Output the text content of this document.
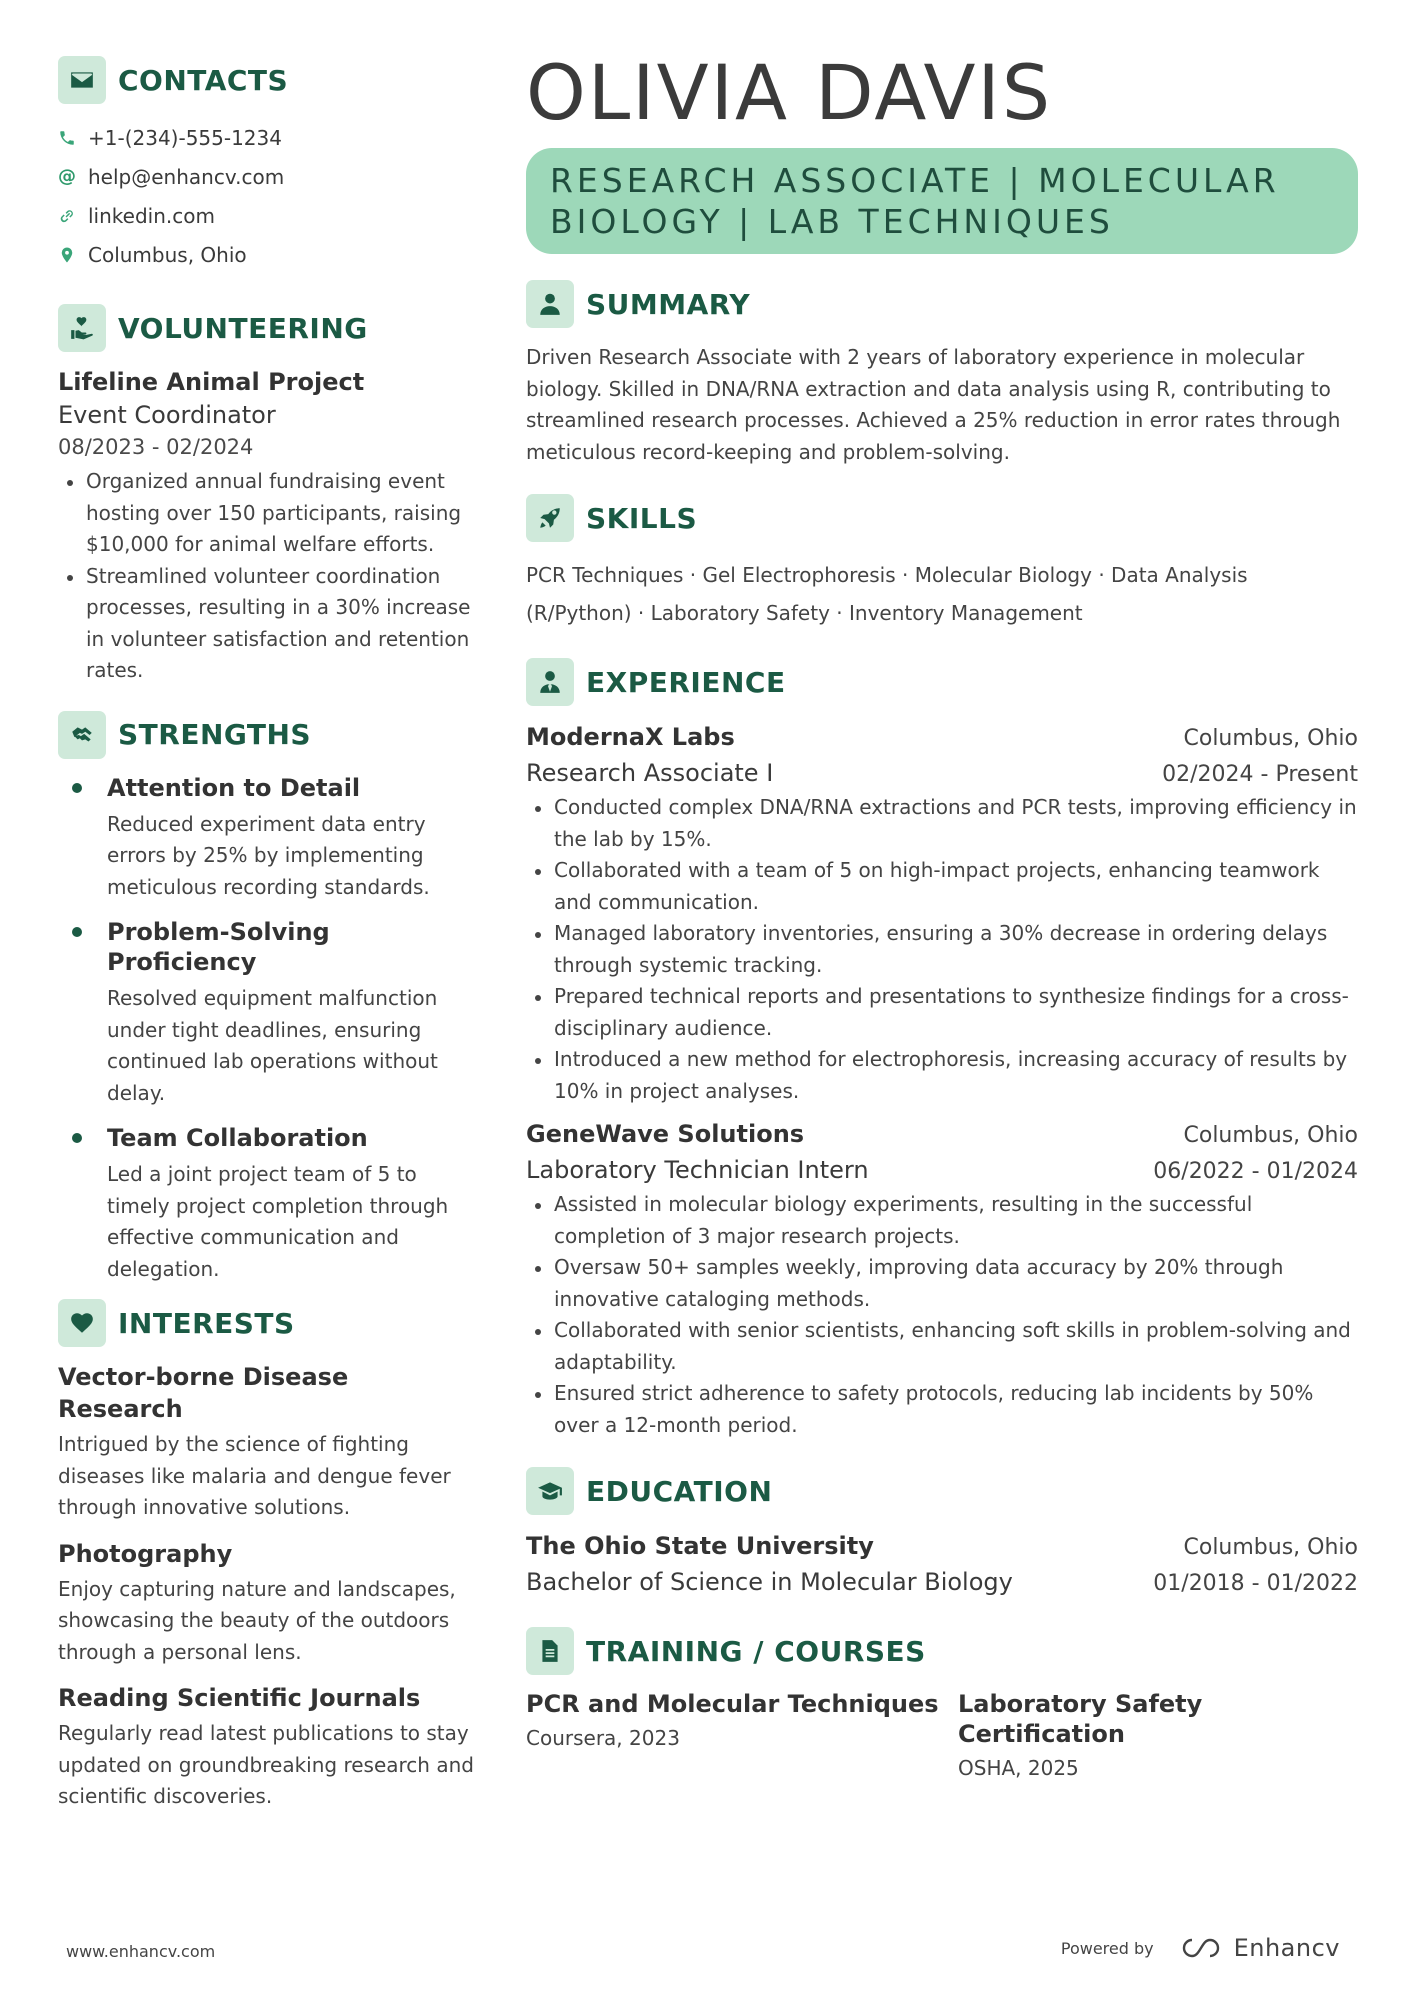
CONTACTS
+1-(234)-555-1234
@ help@enhancv.com
linkedin.com
Columbus, Ohio
VOLUNTEERING
Lifeline Animal Project
Event Coordinator
08/2023 - 02/2024
Organized annual fundraising event hosting over 150 participants, raising $10,000 for animal welfare efforts.
Streamlined volunteer coordination processes, resulting in a 30% increase in volunteer satisfaction and retention rates.
STRENGTHS
Attention to Detail
Reduced experiment data entry errors by 25% by implementing meticulous recording standards.
Problem-Solving Proficiency
Resolved equipment malfunction under tight deadlines, ensuring continued lab operations without delay.
Team Collaboration
Led a joint project team of 5 to timely project completion through effective communication and delegation.
INTERESTS
Vector-borne Disease Research
Intrigued by the science of fighting diseases like malaria and dengue fever through innovative solutions.
Photography
Enjoy capturing nature and landscapes, showcasing the beauty of the outdoors through a personal lens.
Reading Scientific Journals
Regularly read latest publications to stay updated on groundbreaking research and scientific discoveries.
OLIVIA DAVIS
RESEARCH ASSOCIATE | MOLECULAR BIOLOGY | LAB TECHNIQUES
SUMMARY
Driven Research Associate with 2 years of laboratory experience in molecular biology. Skilled in DNA/RNA extraction and data analysis using R, contributing to streamlined research processes. Achieved a 25% reduction in error rates through meticulous record-keeping and problem-solving.
SKILLS
PCR Techniques · Gel Electrophoresis · Molecular Biology · Data Analysis (R/Python) · Laboratory Safety · Inventory Management
EXPERIENCE
ModernaX Labs	Columbus, Ohio
Research Associate I	02/2024 - Present
Conducted complex DNA/RNA extractions and PCR tests, improving efficiency in the lab by 15%.
Collaborated with a team of 5 on high-impact projects, enhancing teamwork and communication.
Managed laboratory inventories, ensuring a 30% decrease in ordering delays through systemic tracking.
Prepared technical reports and presentations to synthesize findings for a cross-disciplinary audience.
Introduced a new method for electrophoresis, increasing accuracy of results by 10% in project analyses.
GeneWave Solutions	Columbus, Ohio
Laboratory Technician Intern	06/2022 - 01/2024
Assisted in molecular biology experiments, resulting in the successful completion of 3 major research projects.
Oversaw 50+ samples weekly, improving data accuracy by 20% through innovative cataloging methods.
Collaborated with senior scientists, enhancing soft skills in problem-solving and adaptability.
Ensured strict adherence to safety protocols, reducing lab incidents by 50% over a 12-month period.
EDUCATION
The Ohio State University	Columbus, Ohio
Bachelor of Science in Molecular Biology	01/2018 - 01/2022
TRAINING / COURSES
PCR and Molecular Techniques
Coursera, 2023
Laboratory Safety Certification
OSHA, 2025
www.enhancv.com	Powered by	Enhancv
